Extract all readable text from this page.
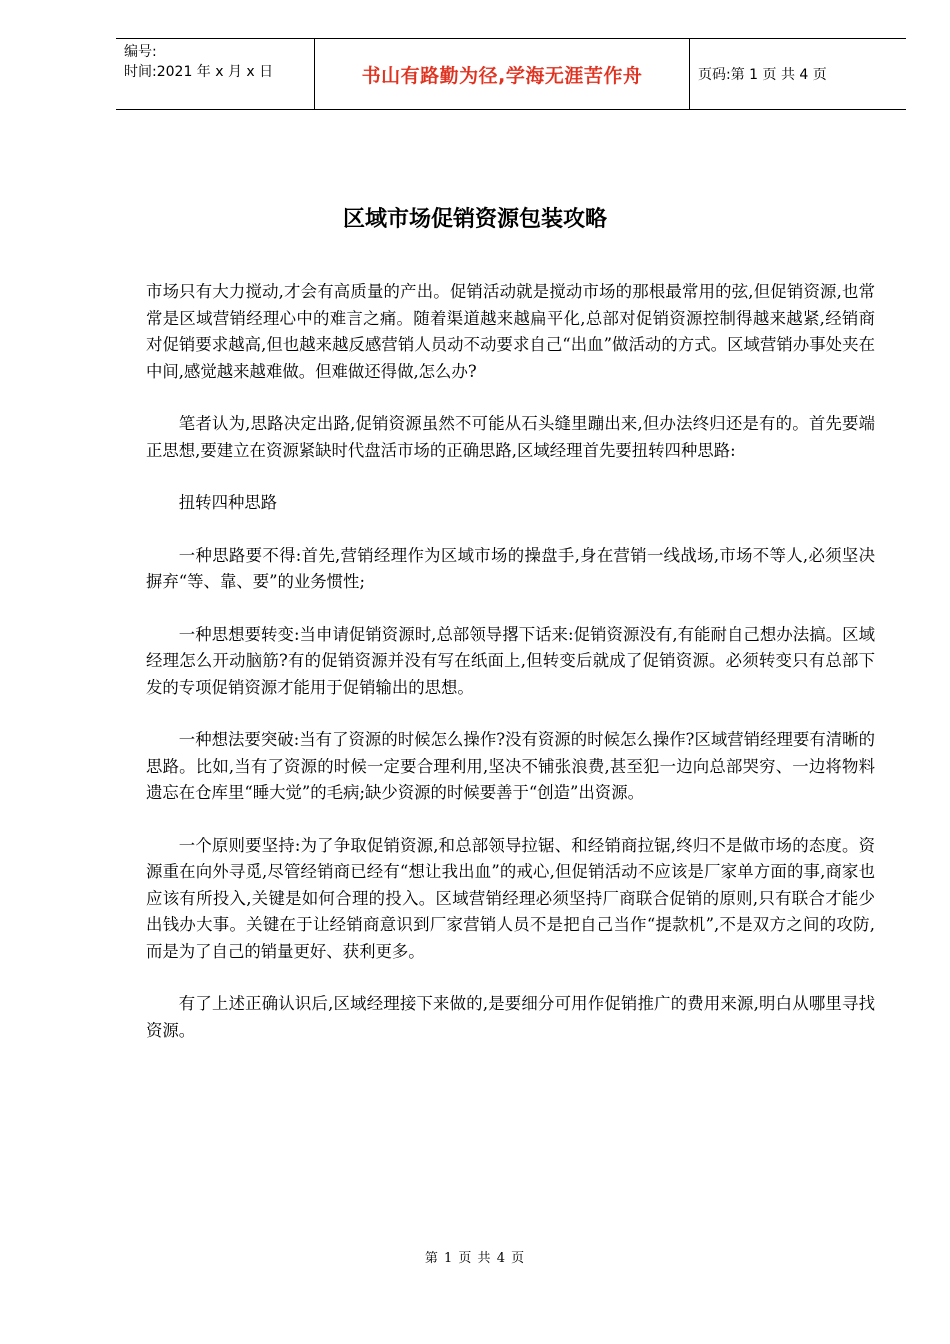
编号:
时间:2021 年 x 月 x 日	书山有路勤为径,学海无涯苦作舟	页码:第 1 页 共 4 页
区域市场促销资源包装攻略

市场只有大力搅动,才会有高质量的产出。促销活动就是搅动市场的那根最常用的弦,但促销资源,也常常是区域营销经理心中的难言之痛。随着渠道越来越扁平化,总部对促销资源控制得越来越紧,经销商对促销要求越高,但也越来越反感营销人员动不动要求自己“出血”做活动的方式。区域营销办事处夹在中间,感觉越来越难做。但难做还得做,怎么办?

笔者认为,思路决定出路,促销资源虽然不可能从石头缝里蹦出来,但办法终归还是有的。首先要端正思想,要建立在资源紧缺时代盘活市场的正确思路,区域经理首先要扭转四种思路:

扭转四种思路

一种思路要不得:首先,营销经理作为区域市场的操盘手,身在营销一线战场,市场不等人,必须坚决摒弃“等、靠、要”的业务惯性;

一种思想要转变:当申请促销资源时,总部领导撂下话来:促销资源没有,有能耐自己想办法搞。区域经理怎么开动脑筋?有的促销资源并没有写在纸面上,但转变后就成了促销资源。必须转变只有总部下发的专项促销资源才能用于促销输出的思想。

一种想法要突破:当有了资源的时候怎么操作?没有资源的时候怎么操作?区域营销经理要有清晰的思路。比如,当有了资源的时候一定要合理利用,坚决不铺张浪费,甚至犯一边向总部哭穷、一边将物料遗忘在仓库里“睡大觉”的毛病;缺少资源的时候要善于“创造”出资源。

一个原则要坚持:为了争取促销资源,和总部领导拉锯、和经销商拉锯,终归不是做市场的态度。资源重在向外寻觅,尽管经销商已经有“想让我出血”的戒心,但促销活动不应该是厂家单方面的事,商家也应该有所投入,关键是如何合理的投入。区域营销经理必须坚持厂商联合促销的原则,只有联合才能少出钱办大事。关键在于让经销商意识到厂家营销人员不是把自己当作“提款机”,不是双方之间的攻防,而是为了自己的销量更好、获利更多。

有了上述正确认识后,区域经理接下来做的,是要细分可用作促销推广的费用来源,明白从哪里寻找资源。

第 1 页 共 4 页
